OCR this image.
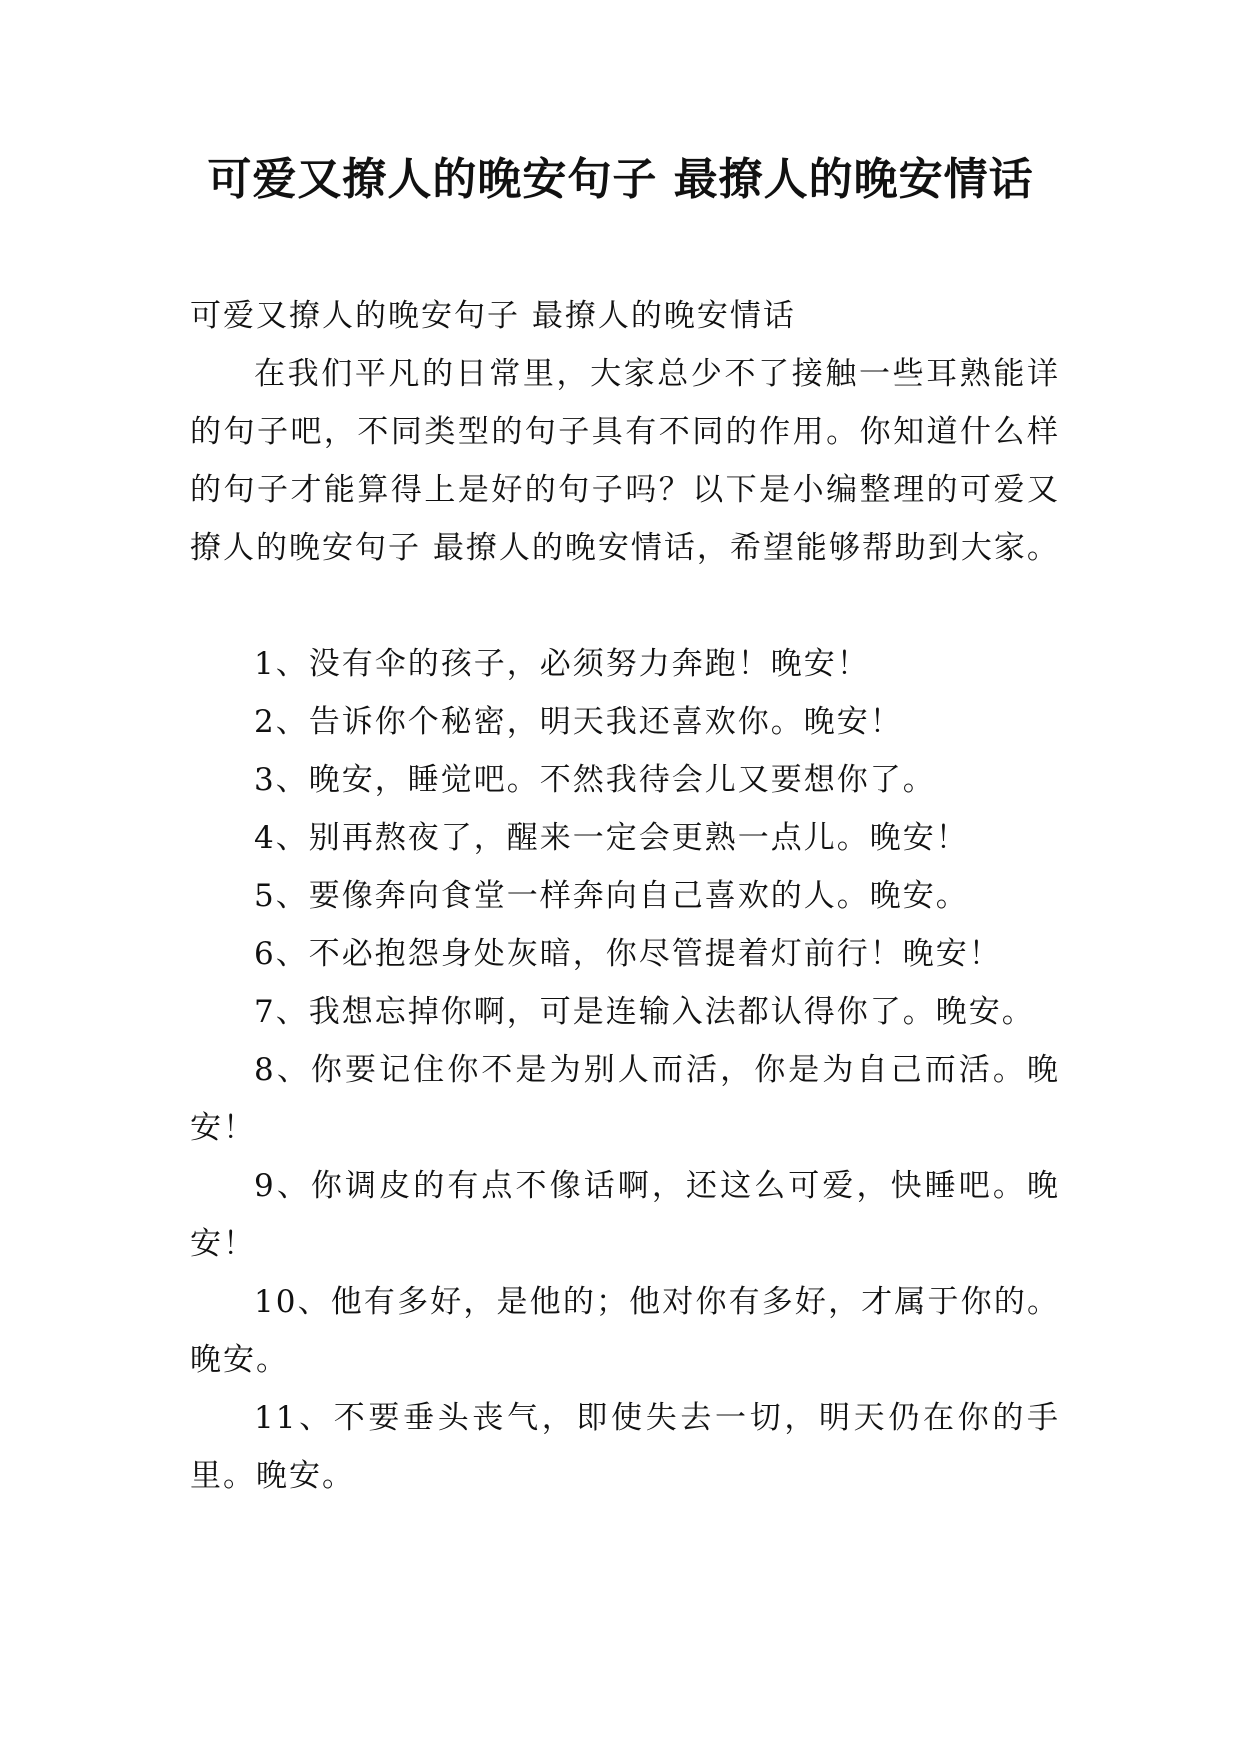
可爱又撩人的晚安句子 最撩人的晚安情话

可爱又撩人的晚安句子 最撩人的晚安情话

在我们平凡的日常里，大家总少不了接触一些耳熟能详的句子吧，不同类型的句子具有不同的作用。你知道什么样的句子才能算得上是好的句子吗？以下是小编整理的可爱又撩人的晚安句子 最撩人的晚安情话，希望能够帮助到大家。

1、没有伞的孩子，必须努力奔跑！晚安！

2、告诉你个秘密，明天我还喜欢你。晚安！

3、晚安，睡觉吧。不然我待会儿又要想你了。

4、别再熬夜了，醒来一定会更熟一点儿。晚安！

5、要像奔向食堂一样奔向自己喜欢的人。晚安。

6、不必抱怨身处灰暗，你尽管提着灯前行！晚安！

7、我想忘掉你啊，可是连输入法都认得你了。晚安。

8、你要记住你不是为别人而活，你是为自己而活。晚安！

9、你调皮的有点不像话啊，还这么可爱，快睡吧。晚安！

10、他有多好，是他的；他对你有多好，才属于你的。晚安。

11、不要垂头丧气，即使失去一切，明天仍在你的手里。晚安。
